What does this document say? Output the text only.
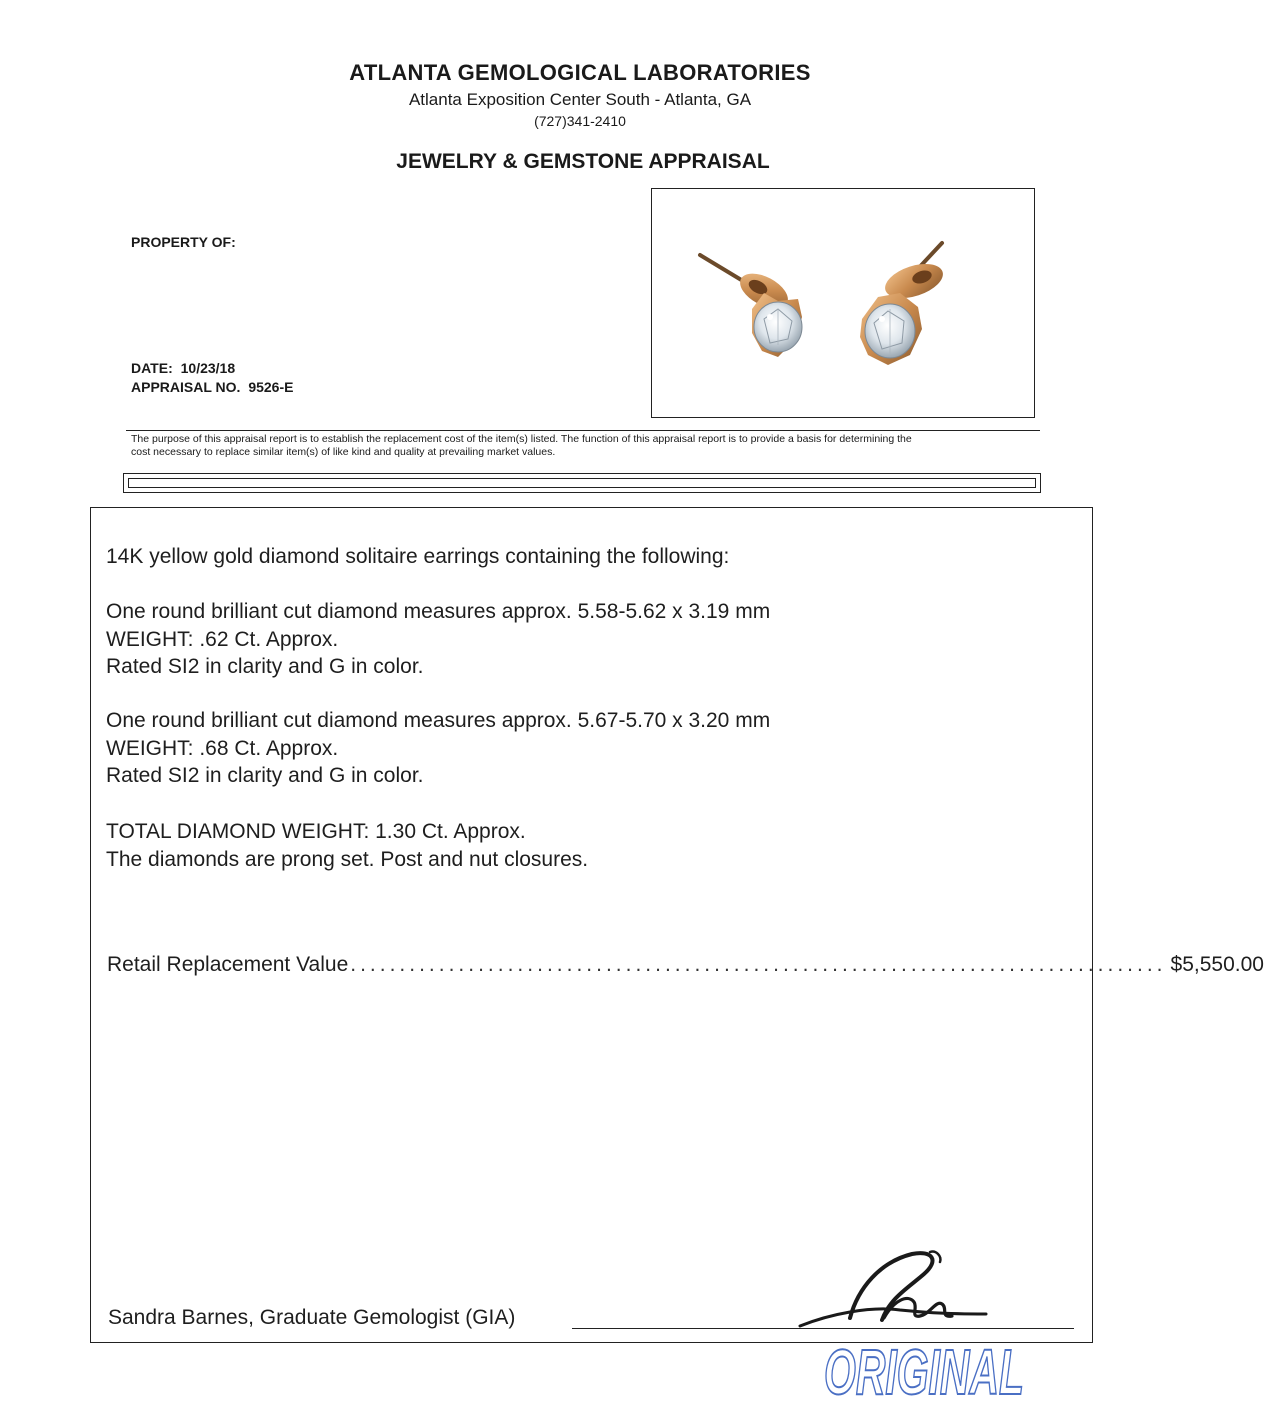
ATLANTA GEMOLOGICAL LABORATORIES
Atlanta Exposition Center South - Atlanta, GA
(727)341-2410
JEWELRY & GEMSTONE APPRAISAL
PROPERTY OF:
DATE: 10/23/18
APPRAISAL NO. 9526-E
The purpose of this appraisal report is to establish the replacement cost of the item(s) listed. The function of this appraisal report is to provide a basis for determining the
cost necessary to replace similar item(s) of like kind and quality at prevailing market values.
14K yellow gold diamond solitaire earrings containing the following:
One round brilliant cut diamond measures approx. 5.58-5.62 x 3.19 mm
WEIGHT: .62 Ct. Approx.
Rated SI2 in clarity and G in color.
One round brilliant cut diamond measures approx. 5.67-5.70 x 3.20 mm
WEIGHT: .68 Ct. Approx.
Rated SI2 in clarity and G in color.
TOTAL DIAMOND WEIGHT: 1.30 Ct. Approx.
The diamonds are prong set. Post and nut closures.
Retail Replacement Value ................................................................................... $5,550.00
Sandra Barnes, Graduate Gemologist (GIA)
ORIGINAL
